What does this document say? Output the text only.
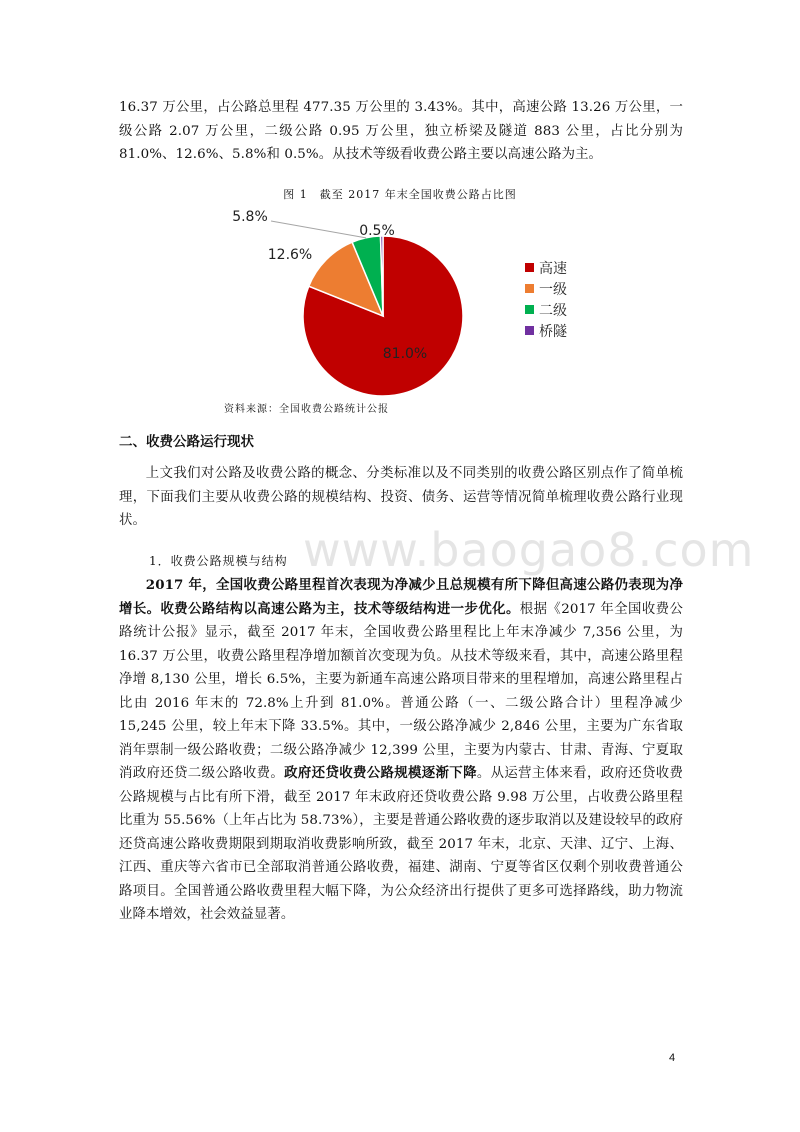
16.37 万公里，占公路总里程 477.35 万公里的 3.43%。其中，高速公路 13.26 万公里，一级公路 2.07 万公里，二级公路 0.95 万公里，独立桥梁及隧道 883 公里，占比分别为 81.0%、12.6%、5.8%和 0.5%。从技术等级看收费公路主要以高速公路为主。

图 1　截至 2017 年末全国收费公路占比图
81.0%
12.6%
5.8%
0.5%
高速
一级
二级
桥隧
资料来源：全国收费公路统计公报
二、收费公路运行现状

上文我们对公路及收费公路的概念、分类标准以及不同类别的收费公路区别点作了简单梳理，下面我们主要从收费公路的规模结构、投资、债务、运营等情况简单梳理收费公路行业现状。

www.baogao8.com
1．收费公路规模与结构

2017 年，全国收费公路里程首次表现为净减少且总规模有所下降但高速公路仍表现为净增长。收费公路结构以高速公路为主，技术等级结构进一步优化。根据《2017 年全国收费公路统计公报》显示，截至 2017 年末，全国收费公路里程比上年末净减少 7,356 公里，为 16.37 万公里，收费公路里程净增加额首次变现为负。从技术等级来看，其中，高速公路里程净增 8,130 公里，增长 6.5%，主要为新通车高速公路项目带来的里程增加，高速公路里程占比由 2016 年末的 72.8%上升到 81.0%。普通公路（一、二级公路合计）里程净减少 15,245 公里，较上年末下降 33.5%。其中，一级公路净减少 2,846 公里，主要为广东省取消年票制一级公路收费；二级公路净减少 12,399 公里，主要为内蒙古、甘肃、青海、宁夏取消政府还贷二级公路收费。政府还贷收费公路规模逐渐下降。从运营主体来看，政府还贷收费公路规模与占比有所下滑，截至 2017 年末政府还贷收费公路 9.98 万公里，占收费公路里程比重为 55.56%（上年占比为 58.73%），主要是普通公路收费的逐步取消以及建设较早的政府还贷高速公路收费期限到期取消收费影响所致，截至 2017 年末，北京、天津、辽宁、上海、江西、重庆等六省市已全部取消普通公路收费，福建、湖南、宁夏等省区仅剩个别收费普通公路项目。全国普通公路收费里程大幅下降，为公众经济出行提供了更多可选择路线，助力物流业降本增效，社会效益显著。

4
